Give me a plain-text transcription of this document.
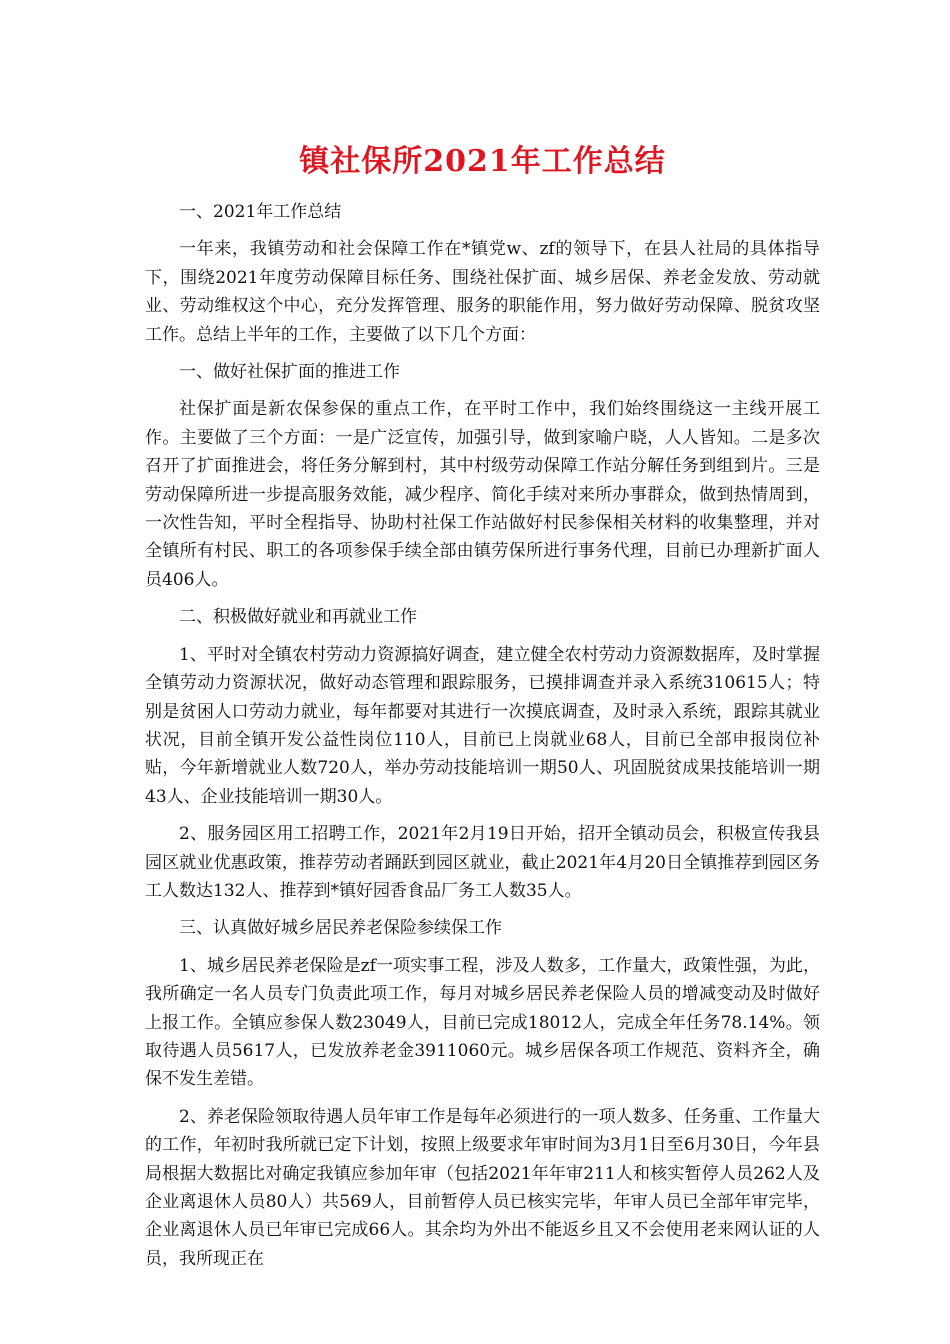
镇社保所2021年工作总结

一、2021年工作总结

一年来，我镇劳动和社会保障工作在*镇党w、zf的领导下，在县人社局的具体指导下，围绕2021年度劳动保障目标任务、围绕社保扩面、城乡居保、养老金发放、劳动就业、劳动维权这个中心，充分发挥管理、服务的职能作用，努力做好劳动保障、脱贫攻坚工作。总结上半年的工作，主要做了以下几个方面：

一、做好社保扩面的推进工作

社保扩面是新农保参保的重点工作，在平时工作中，我们始终围绕这一主线开展工作。主要做了三个方面：一是广泛宣传，加强引导，做到家喻户晓，人人皆知。二是多次召开了扩面推进会，将任务分解到村，其中村级劳动保障工作站分解任务到组到片。三是劳动保障所进一步提高服务效能，减少程序、简化手续对来所办事群众，做到热情周到，一次性告知，平时全程指导、协助村社保工作站做好村民参保相关材料的收集整理，并对全镇所有村民、职工的各项参保手续全部由镇劳保所进行事务代理，目前已办理新扩面人员406人。

二、积极做好就业和再就业工作

1、平时对全镇农村劳动力资源搞好调查，建立健全农村劳动力资源数据库，及时掌握全镇劳动力资源状况，做好动态管理和跟踪服务，已摸排调查并录入系统310615人；特别是贫困人口劳动力就业，每年都要对其进行一次摸底调查，及时录入系统，跟踪其就业状况，目前全镇开发公益性岗位110人，目前已上岗就业68人，目前已全部申报岗位补贴，今年新增就业人数720人，举办劳动技能培训一期50人、巩固脱贫成果技能培训一期43人、企业技能培训一期30人。

2、服务园区用工招聘工作，2021年2月19日开始，招开全镇动员会，积极宣传我县园区就业优惠政策，推荐劳动者踊跃到园区就业，截止2021年4月20日全镇推荐到园区务工人数达132人、推荐到*镇好园香食品厂务工人数35人。

三、认真做好城乡居民养老保险参续保工作

1、城乡居民养老保险是zf一项实事工程，涉及人数多，工作量大，政策性强，为此，我所确定一名人员专门负责此项工作，每月对城乡居民养老保险人员的增减变动及时做好上报工作。全镇应参保人数23049人，目前已完成18012人，完成全年任务78.14%。领取待遇人员5617人，已发放养老金3911060元。城乡居保各项工作规范、资料齐全，确保不发生差错。

2、养老保险领取待遇人员年审工作是每年必须进行的一项人数多、任务重、工作量大的工作，年初时我所就已定下计划，按照上级要求年审时间为3月1日至6月30日，今年县局根据大数据比对确定我镇应参加年审（包括2021年年审211人和核实暂停人员262人及企业离退休人员80人）共569人，目前暂停人员已核实完毕，年审人员已全部年审完毕，企业离退休人员已年审已完成66人。其余均为外出不能返乡且又不会使用老来网认证的人员，我所现正在
